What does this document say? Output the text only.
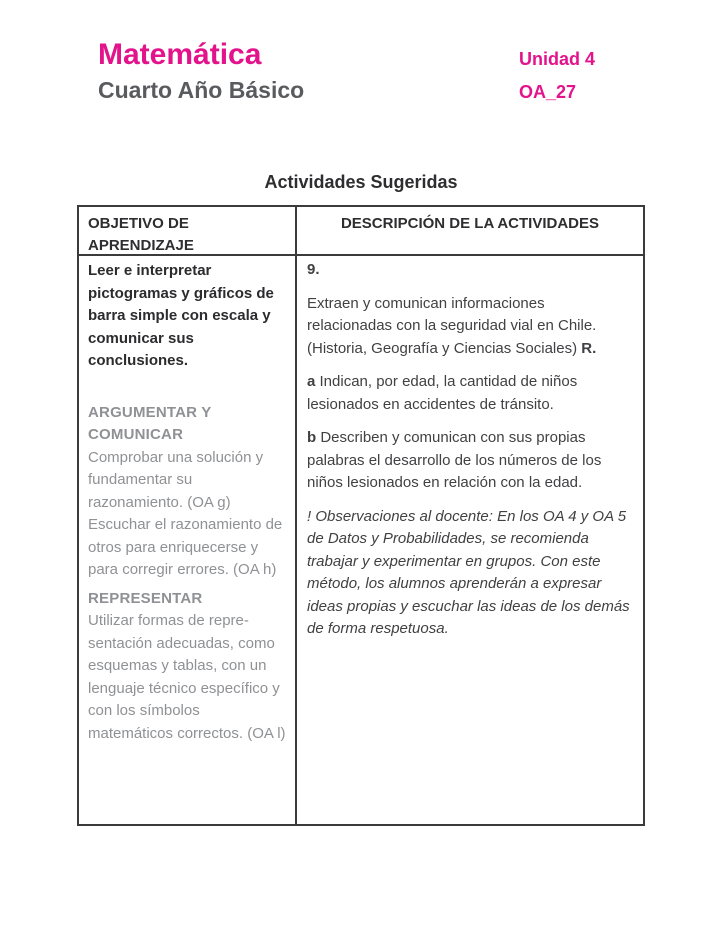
Matemática
Cuarto Año Básico
Unidad 4
OA_27
Actividades Sugeridas
OBJETIVO DE APRENDIZAJE
DESCRIPCIÓN DE LA ACTIVIDADES
Leer e interpretar pictogramas y gráficos de barra simple con escala y comunicar sus conclusiones.
ARGUMENTAR Y COMUNICAR
Comprobar una solución y fundamentar su razonamiento. (OA g)
Escuchar el razonamiento de otros para enriquecerse y para corregir errores. (OA h)
REPRESENTAR
Utilizar formas de repre-sentación adecuadas, como esquemas y tablas, con un lenguaje técnico específico y con los símbolos matemáticos correctos. (OA l)
9.
Extraen y comunican informaciones relacionadas con la seguridad vial en Chile. (Historia, Geografía y Ciencias Sociales) R.
a Indican, por edad, la cantidad de niños lesionados en accidentes de tránsito.
b Describen y comunican con sus propias palabras el desarrollo de los números de los niños lesionados en relación con la edad.
! Observaciones al docente: En los OA 4 y OA 5 de Datos y Probabilidades, se recomienda trabajar y experimentar en grupos. Con este método, los alumnos aprenderán a expresar ideas propias y escuchar las ideas de los demás de forma respetuosa.
